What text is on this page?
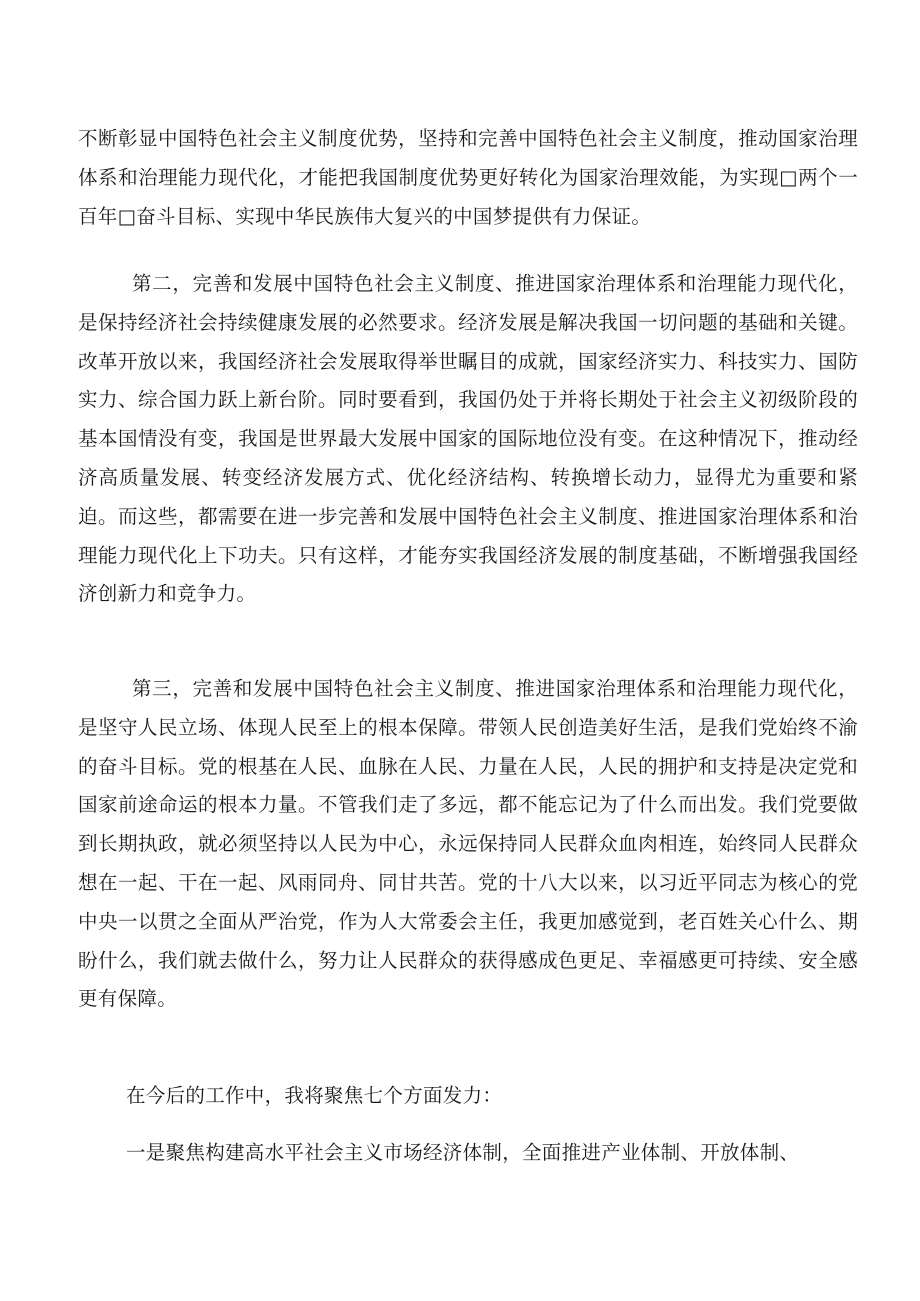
不断彰显中国特色社会主义制度优势，坚持和完善中国特色社会主义制度，推动国家治理体系和治理能力现代化，才能把我国制度优势更好转化为国家治理效能，为实现□两个一百年□奋斗目标、实现中华民族伟大复兴的中国梦提供有力保证。

第二，完善和发展中国特色社会主义制度、推进国家治理体系和治理能力现代化，是保持经济社会持续健康发展的必然要求。经济发展是解决我国一切问题的基础和关键。改革开放以来，我国经济社会发展取得举世瞩目的成就，国家经济实力、科技实力、国防实力、综合国力跃上新台阶。同时要看到，我国仍处于并将长期处于社会主义初级阶段的基本国情没有变，我国是世界最大发展中国家的国际地位没有变。在这种情况下，推动经济高质量发展、转变经济发展方式、优化经济结构、转换增长动力，显得尤为重要和紧迫。而这些，都需要在进一步完善和发展中国特色社会主义制度、推进国家治理体系和治理能力现代化上下功夫。只有这样，才能夯实我国经济发展的制度基础，不断增强我国经济创新力和竞争力。

第三，完善和发展中国特色社会主义制度、推进国家治理体系和治理能力现代化，是坚守人民立场、体现人民至上的根本保障。带领人民创造美好生活，是我们党始终不渝的奋斗目标。党的根基在人民、血脉在人民、力量在人民，人民的拥护和支持是决定党和国家前途命运的根本力量。不管我们走了多远，都不能忘记为了什么而出发。我们党要做到长期执政，就必须坚持以人民为中心，永远保持同人民群众血肉相连，始终同人民群众想在一起、干在一起、风雨同舟、同甘共苦。党的十八大以来，以习近平同志为核心的党中央一以贯之全面从严治党，作为人大常委会主任，我更加感觉到，老百姓关心什么、期盼什么，我们就去做什么，努力让人民群众的获得感成色更足、幸福感更可持续、安全感更有保障。

在今后的工作中，我将聚焦七个方面发力：

一是聚焦构建高水平社会主义市场经济体制，全面推进产业体制、开放体制、
